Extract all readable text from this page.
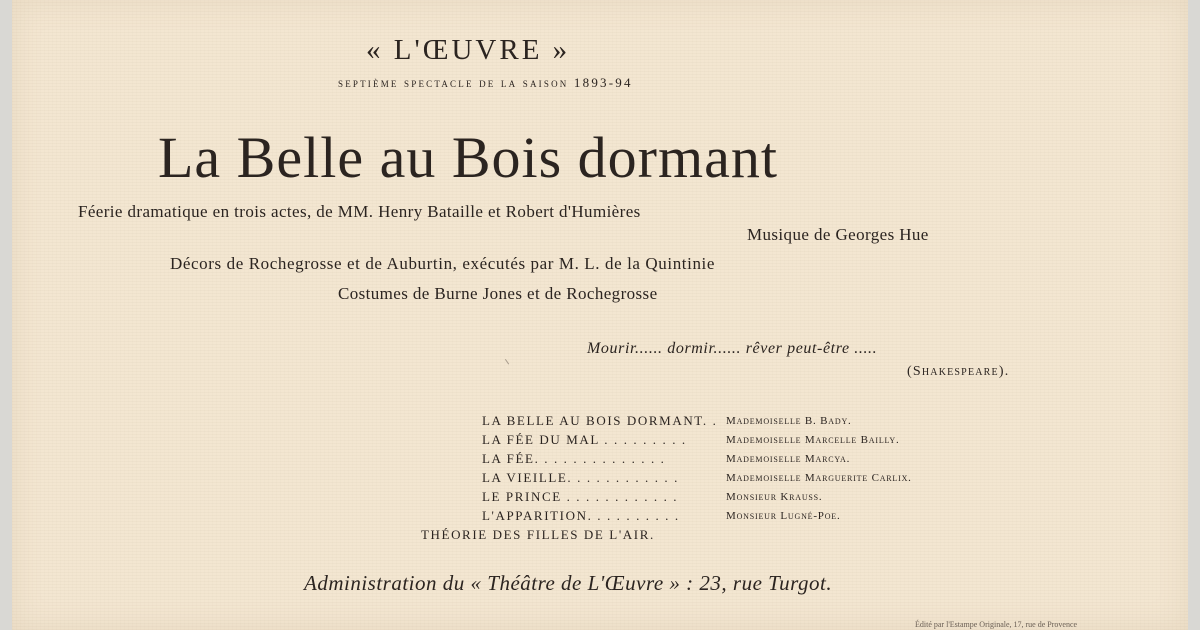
« L'ŒUVRE »

septième spectacle de la saison 1893-94

La Belle au Bois dormant

Féerie dramatique en trois actes, de MM. Henry Bataille et Robert d'Humières

Musique de Georges Hue

Décors de Rochegrosse et de Auburtin, exécutés par M. L. de la Quintinie

Costumes de Burne Jones et de Rochegrosse

Mourir...... dormir...... rêver peut-être .....

(Shakespeare).

LA BELLE AU BOIS DORMANT. . Mademoiselle B. Bady.

LA FÉE DU MAL . . . . . . . . .	Mademoiselle Marcelle Bailly.

LA FÉE. . . . . . . . . . . . . .	Mademoiselle Marcya.

LA VIEILLE. . . . . . . . . . . .	Mademoiselle Marguerite Carlix.

LE PRINCE . . . . . . . . . . . .	Monsieur Krauss.

L'APPARITION. . . . . . . . . .	Monsieur Lugné-Poe.

THÉORIE DES FILLES DE L'AIR.

Administration du « Théâtre de L'Œuvre » : 23, rue Turgot.

Édité par l'Estampe Originale, 17, rue de Provence
